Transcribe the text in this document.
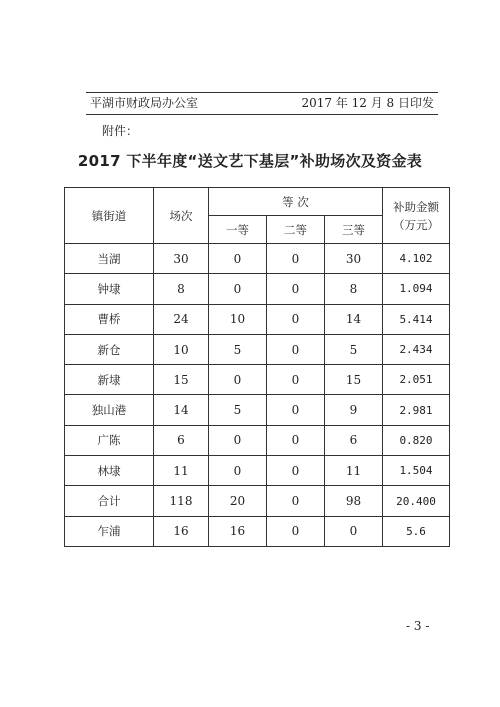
平湖市财政局办公室	2017 年 12 月 8 日印发
附件：
2017 下半年度“送文艺下基层”补助场次及资金表
镇街道	场次	等 次			补助金额
（万元）

		一等	二等	三等	
当湖	30	0	0	30	4.102
钟埭	8	0	0	8	1.094
曹桥	24	10	0	14	5.414
新仓	10	5	0	5	2.434
新埭	15	0	0	15	2.051
独山港	14	5	0	9	2.981
广陈	6	0	0	6	0.820
林埭	11	0	0	11	1.504
合计	118	20	0	98	20.400
乍浦	16	16	0	0	5.6
- 3 -
